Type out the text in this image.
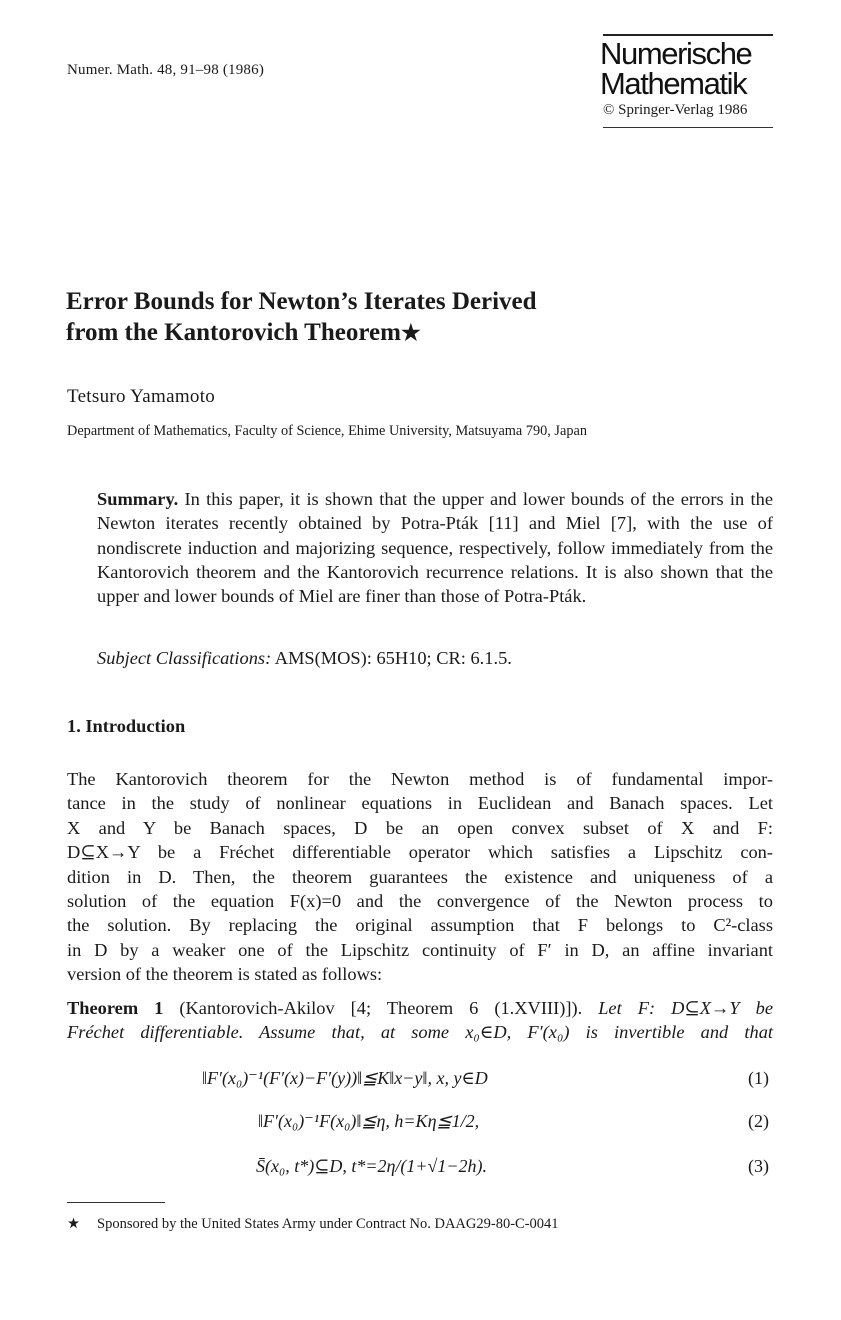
Numer. Math. 48, 91–98 (1986)	Numerische
Mathematik
© Springer-Verlag 1986
Error Bounds for Newton’s Iterates Derived
from the Kantorovich Theorem★
Tetsuro Yamamoto
Department of Mathematics, Faculty of Science, Ehime University, Matsuyama 790, Japan
Summary. In this paper, it is shown that the upper and lower bounds of the errors in the Newton iterates recently obtained by Potra-Pták [11] and Miel [7], with the use of nondiscrete induction and majorizing sequence, respectively, follow immediately from the Kantorovich theorem and the Kantorovich recurrence relations. It is also shown that the upper and lower bounds of Miel are finer than those of Potra-Pták.
Subject Classifications: AMS(MOS): 65H10; CR: 6.1.5.
1. Introduction
The Kantorovich theorem for the Newton method is of fundamental impor-
tance in the study of nonlinear equations in Euclidean and Banach spaces. Let
X and Y be Banach spaces, D be an open convex subset of X and F:
D⊆X→Y be a Fréchet differentiable operator which satisfies a Lipschitz con-
dition in D. Then, the theorem guarantees the existence and uniqueness of a
solution of the equation F(x)=0 and the convergence of the Newton process to
the solution. By replacing the original assumption that F belongs to C²-class
in D by a weaker one of the Lipschitz continuity of F′ in D, an affine invariant
version of the theorem is stated as follows:
Theorem 1 (Kantorovich-Akilov [4; Theorem 6 (1.XVIII)]). Let F: D⊆X→Y be
Fréchet differentiable. Assume that, at some x₀∈D, F′(x₀) is invertible and that
‖F′(x₀)⁻¹(F′(x)−F′(y))‖≦K‖x−y‖, x, y∈D	(1)
‖F′(x₀)⁻¹F(x₀)‖≦η, h=Kη≦1/2,	(2)
S̄(x₀, t*)⊆D, t*=2η/(1+√1−2h).	(3)
★ Sponsored by the United States Army under Contract No. DAAG29-80-C-0041
